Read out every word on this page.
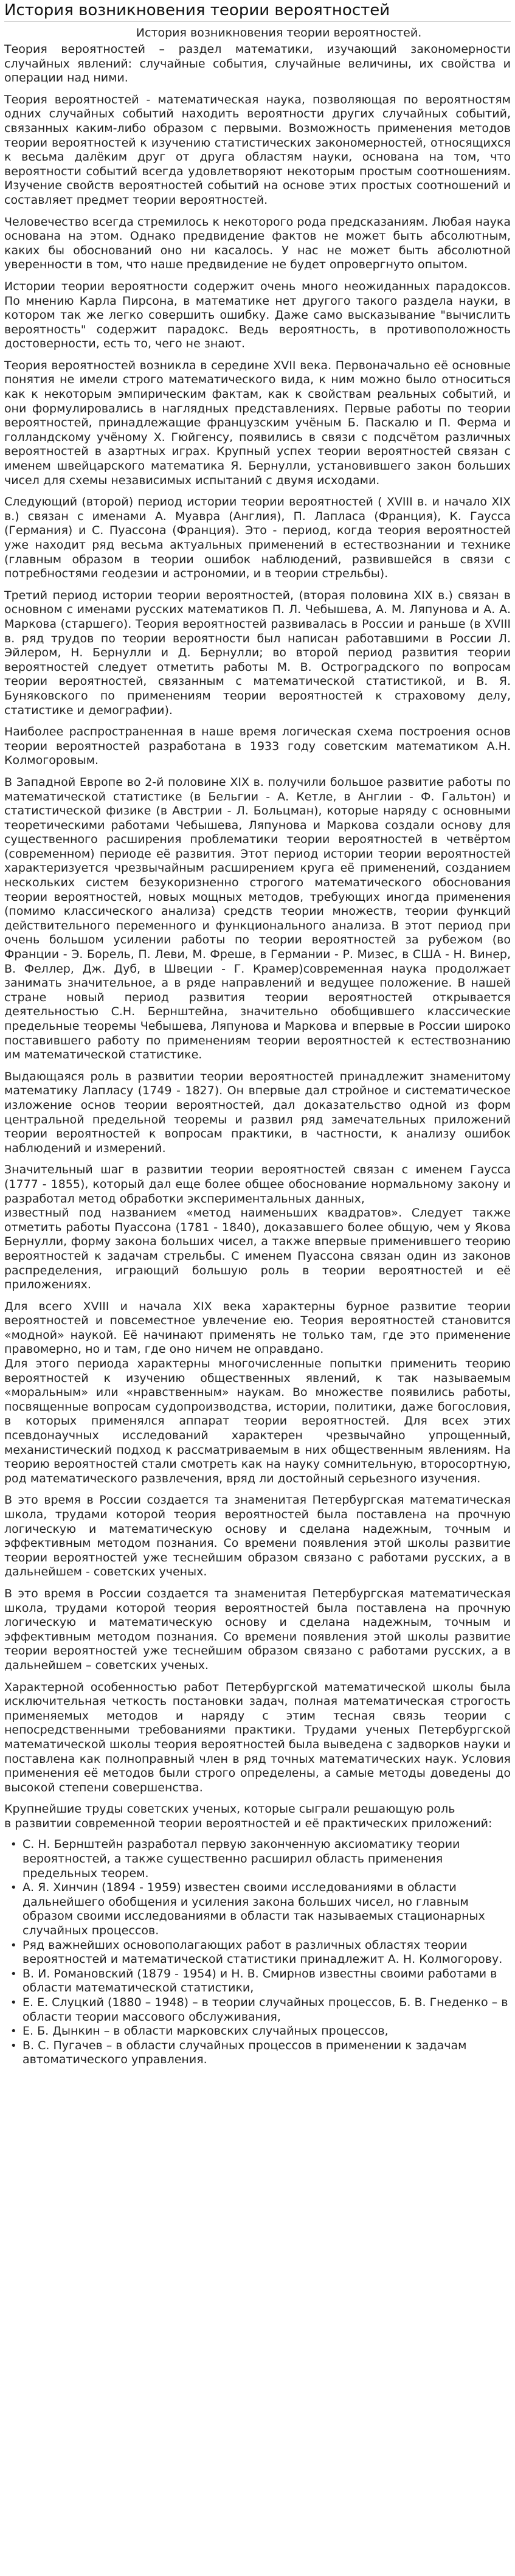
История возникновения теории вероятностей
История возникновения теории вероятностей.

Теория вероятностей – раздел математики, изучающий закономерности случайных явлений: случайные события, случайные величины, их свойства и операции над ними.

Теория вероятностей - математическая наука, позволяющая по вероятностям одних случайных событий находить вероятности других случайных событий, связанных каким-либо образом с первыми. Возможность применения методов теории вероятностей к изучению статистических закономерностей, относящихся к весьма далёким друг от друга областям науки, основана на том, что вероятности событий всегда удовлетворяют некоторым простым соотношениям. Изучение свойств вероятностей событий на основе этих простых соотношений и составляет предмет теории вероятностей.

Человечество всегда стремилось к некоторого рода предсказаниям. Любая наука основана на этом. Однако предвидение фактов не может быть абсолютным, каких бы обоснований оно ни касалось. У нас не может быть абсолютной уверенности в том, что наше предвидение не будет опровергнуто опытом.

Истории теории вероятности содержит очень много неожиданных парадоксов. По мнению Карла Пирсона, в математике нет другого такого раздела науки, в котором так же легко совершить ошибку. Даже само высказывание "вычислить вероятность" содержит парадокс. Ведь вероятность, в противоположность достоверности, есть то, чего не знают.

Теория вероятностей возникла в середине XVII века. Первоначально её основные понятия не имели строго математического вида, к ним можно было относиться как к некоторым эмпирическим фактам, как к свойствам реальных событий, и они формулировались в наглядных представлениях. Первые работы по теории вероятностей, принадлежащие французским учёным Б. Паскалю и П. Ферма и голландскому учёному Х. Гюйгенсу, появились в связи с подсчётом различных вероятностей в азартных играх. Крупный успех теории вероятностей связан с именем швейцарского математика Я. Бернулли, установившего закон больших чисел для схемы независимых испытаний с двумя исходами.

Следующий (второй) период истории теории вероятностей ( XVIII в. и начало XIX в.) связан с именами А. Муавра (Англия), П. Лапласа (Франция), К. Гаусса (Германия) и С. Пуассона (Франция). Это - период, когда теория вероятностей уже находит ряд весьма актуальных применений в естествознании и технике (главным образом в теории ошибок наблюдений, развившейся в связи с потребностями геодезии и астрономии, и в теории стрельбы).

Третий период истории теории вероятностей, (вторая половина XIX в.) связан в основном с именами русских математиков П. Л. Чебышева, А. М. Ляпунова и А. А. Маркова (старшего). Теория вероятностей развивалась в России и раньше (в XVIII в. ряд трудов по теории вероятности был написан работавшими в России Л. Эйлером, Н. Бернулли и Д. Бернулли; во второй период развития теории вероятностей следует отметить работы М. В. Остроградского по вопросам теории вероятностей, связанным с математической статистикой, и В. Я. Буняковского по применениям теории вероятностей к страховому делу, статистике и демографии).

Наиболее распространенная в наше время логическая схема построения основ теории вероятностей разработана в 1933 году советским математиком А.Н. Колмогоровым.

В Западной Европе во 2-й половине XIX в. получили большое развитие работы по математической статистике (в Бельгии - А. Кетле, в Англии - Ф. Гальтон) и статистической физике (в Австрии - Л. Больцман), которые наряду с основными теоретическими работами Чебышева, Ляпунова и Маркова создали основу для существенного расширения проблематики теории вероятностей в четвёртом (современном) периоде её развития. Этот период истории теории вероятностей характеризуется чрезвычайным расширением круга её применений, созданием нескольких систем безукоризненно строгого математического обоснования теории вероятностей, новых мощных методов, требующих иногда применения (помимо классического анализа) средств теории множеств, теории функций действительного переменного и функционального анализа. В этот период при очень большом усилении работы по теории вероятностей за рубежом (во Франции - Э. Борель, П. Леви, М. Фреше, в Германии - Р. Мизес, в США - Н. Винер, В. Феллер, Дж. Дуб, в Швеции - Г. Крамер)современная наука продолжает занимать значительное, а в ряде направлений и ведущее положение. В нашей стране новый период развития теории вероятностей открывается деятельностью С.Н. Бернштейна, значительно обобщившего классические предельные теоремы Чебышева, Ляпунова и Маркова и впервые в России широко поставившего работу по применениям теории вероятностей к естествознанию им математической статистике.

Выдающаяся роль в развитии теории вероятностей принадлежит знаменитому математику Лапласу (1749 - 1827). Он впервые дал стройное и систематическое изложение основ теории вероятностей, дал доказательство одной из форм центральной предельной теоремы и развил ряд замечательных приложений теории вероятностей к вопросам практики, в частности, к анализу ошибок наблюдений и измерений.

Значительный шаг в развитии теории вероятностей связан с именем Гаусса (1777 - 1855), который дал еще более общее обоснование нормальному закону и разработал метод обработки экспериментальных данных,
известный под названием «метод наименьших квадратов». Следует также отметить работы Пуассона (1781 - 1840), доказавшего более общую, чем у Якова Бернулли, форму закона больших чисел, а также впервые применившего теорию вероятностей к задачам стрельбы. С именем Пуассона связан один из законов распределения, играющий большую роль в теории вероятностей и её приложениях.

Для всего XVIII и начала XIX века характерны бурное развитие теории вероятностей и повсеместное увлечение ею. Теория вероятностей становится «модной» наукой. Её начинают применять не только там, где это применение правомерно, но и там, где оно ничем не оправдано.
Для этого периода характерны многочисленные попытки применить теорию вероятностей к изучению общественных явлений, к так называемым «моральным» или «нравственным» наукам. Во множестве появились работы, посвященные вопросам судопроизводства, истории, политики, даже богословия, в которых применялся аппарат теории вероятностей. Для всех этих псевдонаучных исследований характерен чрезвычайно упрощенный, механистический подход к рассматриваемым в них общественным явлениям. На теорию вероятностей стали смотреть как на науку сомнительную, второсортную, род математического развлечения, вряд ли достойный серьезного изучения.

В это время в России создается та знаменитая Петербургская математическая школа, трудами которой теория вероятностей была поставлена на прочную логическую и математическую основу и сделана надежным, точным и эффективным методом познания. Со времени появления этой школы развитие теории вероятностей уже теснейшим образом связано с работами русских, а в дальнейшем - советских ученых.

В это время в России создается та знаменитая Петербургская математическая школа, трудами которой теория вероятностей была поставлена на прочную логическую и математическую основу и сделана надежным, точным и эффективным методом познания. Со времени появления этой школы развитие теории вероятностей уже теснейшим образом связано с работами русских, а в дальнейшем – советских ученых.

Характерной особенностью работ Петербургской математической школы была исключительная четкость постановки задач, полная математическая строгость применяемых методов и наряду с этим тесная связь теории с непосредственными требованиями практики. Трудами ученых Петербургской математической школы теория вероятностей была выведена с задворков науки и поставлена как полноправный член в ряд точных математических наук. Условия применения её методов были строго определены, а самые методы доведены до высокой степени совершенства.

Крупнейшие труды советских ученых, которые сыграли решающую роль
в развитии современной теории вероятностей и её практических приложений:

• С. Н. Бернштейн разработал первую законченную аксиоматику теории вероятностей, а также существенно расширил область применения предельных теорем.
• А. Я. Хинчин (1894 - 1959) известен своими исследованиями в области дальнейшего обобщения и усиления закона больших чисел, но главным образом своими исследованиями в области так называемых стационарных случайных процессов.
• Ряд важнейших основополагающих работ в различных областях теории вероятностей и математической статистики принадлежит А. Н. Колмогорову.
• В. И. Романовский (1879 - 1954) и Н. В. Смирнов известны своими работами в области математической статистики,
• Е. Е. Слуцкий (1880 – 1948) – в теории случайных процессов, Б. В. Гнеденко – в области теории массового обслуживания,
• Е. Б. Дынкин – в области марковских случайных процессов,
• В. С. Пугачев – в области случайных процессов в применении к задачам автоматического управления.
